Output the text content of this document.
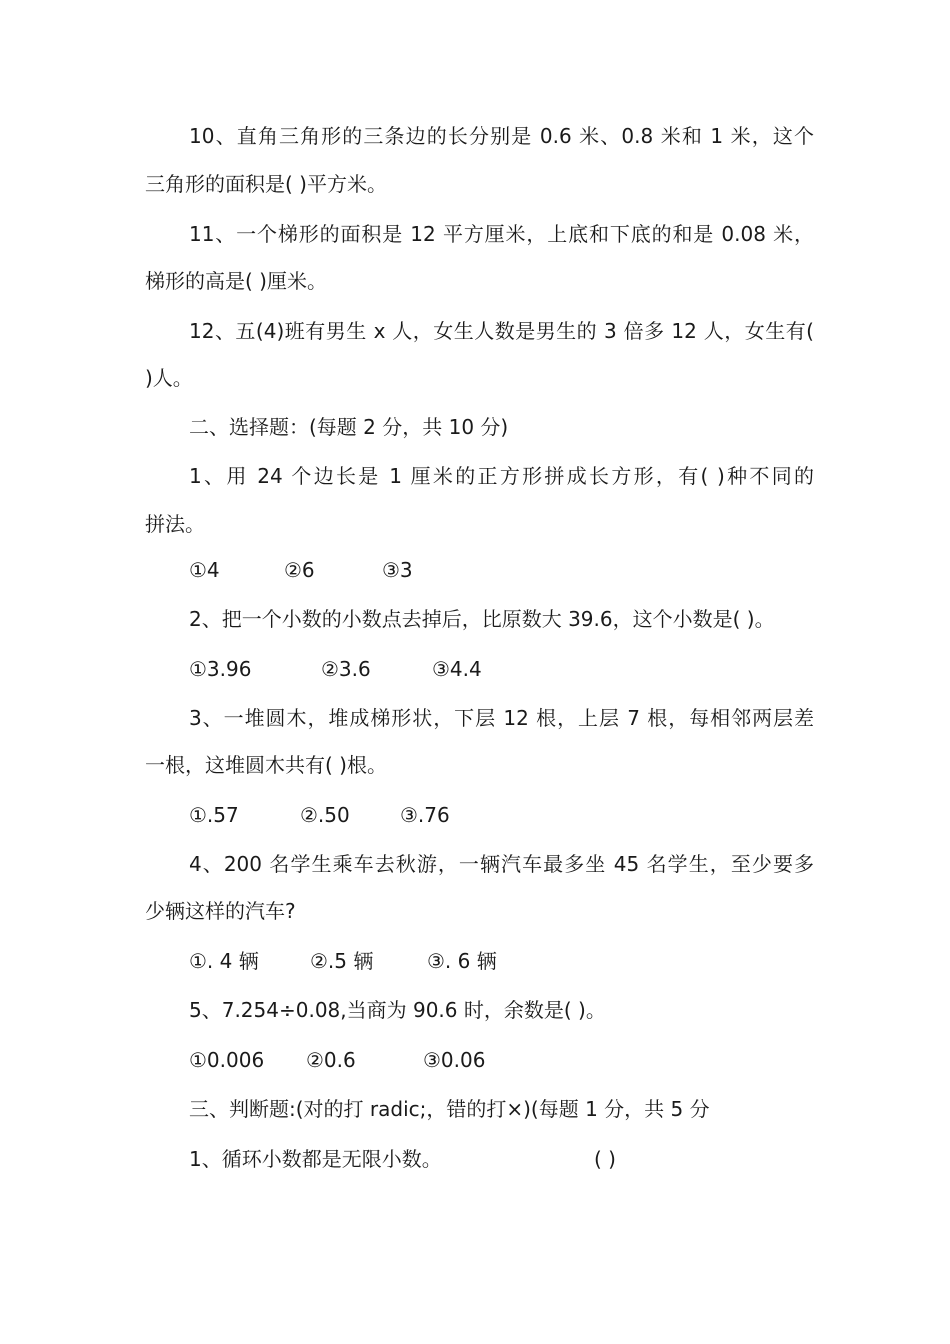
10、直角三角形的三条边的长分别是 0.6 米、0.8 米和 1 米，这个
三角形的面积是( )平方米。
11、一个梯形的面积是 12 平方厘米，上底和下底的和是 0.08 米，
梯形的高是( )厘米。
12、五(4)班有男生 x 人，女生人数是男生的 3 倍多 12 人，女生有(
)人。
二、选择题：(每题 2 分，共 10 分)
1、用 24 个边长是 1 厘米的正方形拼成长方形，有( )种不同的
拼法。
①4	②6	③3
2、把一个小数的小数点去掉后，比原数大 39.6，这个小数是( )。
①3.96	②3.6	③4.4
3、一堆圆木，堆成梯形状，下层 12 根，上层 7 根，每相邻两层差
一根，这堆圆木共有( )根。
①.57	②.50	③.76
4、200 名学生乘车去秋游，一辆汽车最多坐 45 名学生，至少要多
少辆这样的汽车?
①. 4 辆	②.5 辆	③. 6 辆
5、7.254÷0.08,当商为 90.6 时，余数是( )。
①0.006	②0.6	③0.06
三、判断题:(对的打 radic;，错的打×)(每题 1 分，共 5 分
1、循环小数都是无限小数。	( )
